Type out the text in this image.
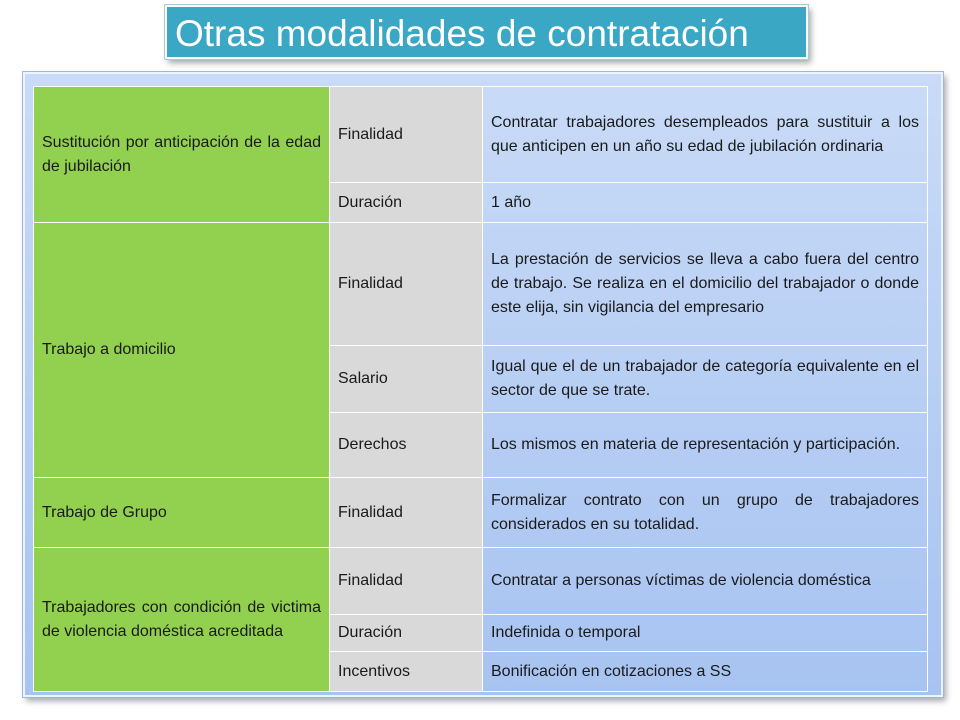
Otras modalidades de contratación
Sustitución por anticipación de la edad de jubilación	Finalidad	Contratar trabajadores desempleados para sustituir a los que anticipen en un año su edad de jubilación ordinaria

	Duración	1 año

Trabajo a domicilio	Finalidad	La prestación de servicios se lleva a cabo fuera del centro de trabajo. Se realiza en el domicilio del trabajador o donde este elija, sin vigilancia del empresario

	Salario	Igual que el de un trabajador de categoría equivalente en el sector de que se trate.

	Derechos	Los mismos en materia de representación y participación.

Trabajo de Grupo	Finalidad	Formalizar contrato con un grupo de trabajadores considerados en su totalidad.

Trabajadores con condición de victima de violencia doméstica acreditada	Finalidad	Contratar a personas víctimas de violencia doméstica

	Duración	Indefinida o temporal

	Incentivos	Bonificación en cotizaciones a SS
